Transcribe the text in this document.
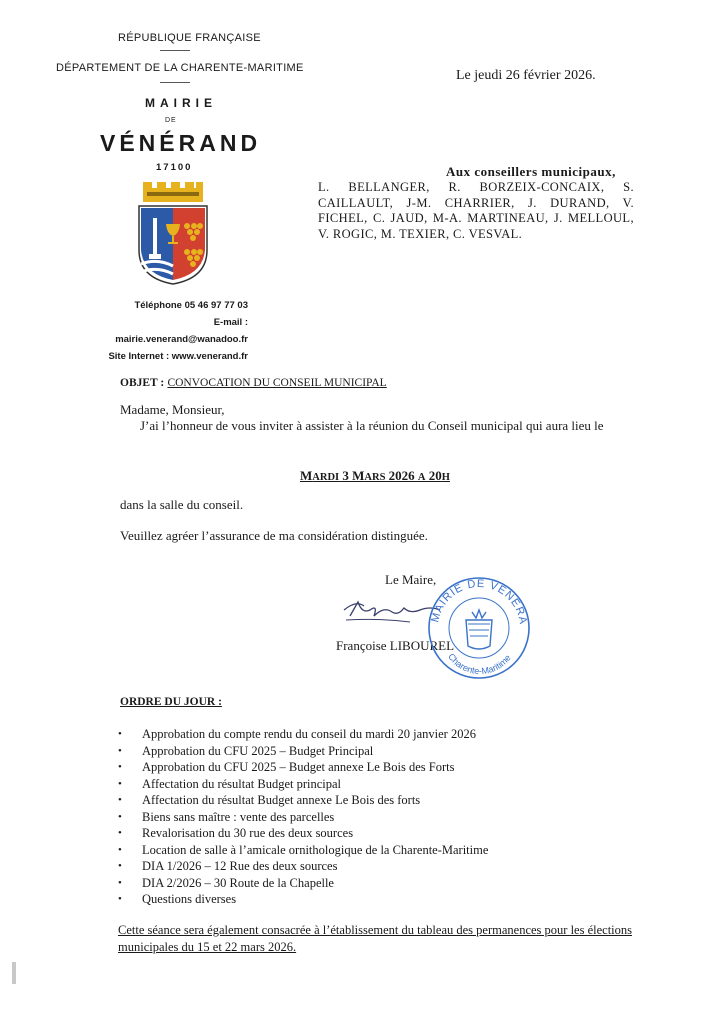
RÉPUBLIQUE FRANÇAISE
DÉPARTEMENT DE LA CHARENTE-MARITIME
MAIRIE
DE
VÉNÉRAND
17100
Téléphone 05 46 97 77 03
E-mail : mairie.venerand@wanadoo.fr
Site Internet : www.venerand.fr
Le jeudi 26 février 2026.
Aux conseillers municipaux,
L. BELLANGER, R. BORZEIX-CONCAIX, S. CAILLAULT, J-M. CHARRIER, J. DURAND, V. FICHEL, C. JAUD, M-A. MARTINEAU, J. MELLOUL, V. ROGIC, M. TEXIER, C. VESVAL.
OBJET : CONVOCATION DU CONSEIL MUNICIPAL
Madame, Monsieur,
J’ai l’honneur de vous inviter à assister à la réunion du Conseil municipal qui aura lieu le
MARDI 3 MARS 2026 A 20H
dans la salle du conseil.
Veuillez agréer l’assurance de ma considération distinguée.
Le Maire,
Françoise LIBOUREL
MAIRIE DE VÉNÉRA
Charente-Maritime
ORDRE DU JOUR :
• Approbation du compte rendu du conseil du mardi 20 janvier 2026
• Approbation du CFU 2025 – Budget Principal
• Approbation du CFU 2025 – Budget annexe Le Bois des Forts
• Affectation du résultat Budget principal
• Affectation du résultat Budget annexe Le Bois des forts
• Biens sans maître : vente des parcelles
• Revalorisation du 30 rue des deux sources
• Location de salle à l’amicale ornithologique de la Charente-Maritime
• DIA 1/2026 – 12 Rue des deux sources
• DIA 2/2026 – 30 Route de la Chapelle
• Questions diverses
Cette séance sera également consacrée à l’établissement du tableau des permanences pour les élections municipales du 15 et 22 mars 2026.
